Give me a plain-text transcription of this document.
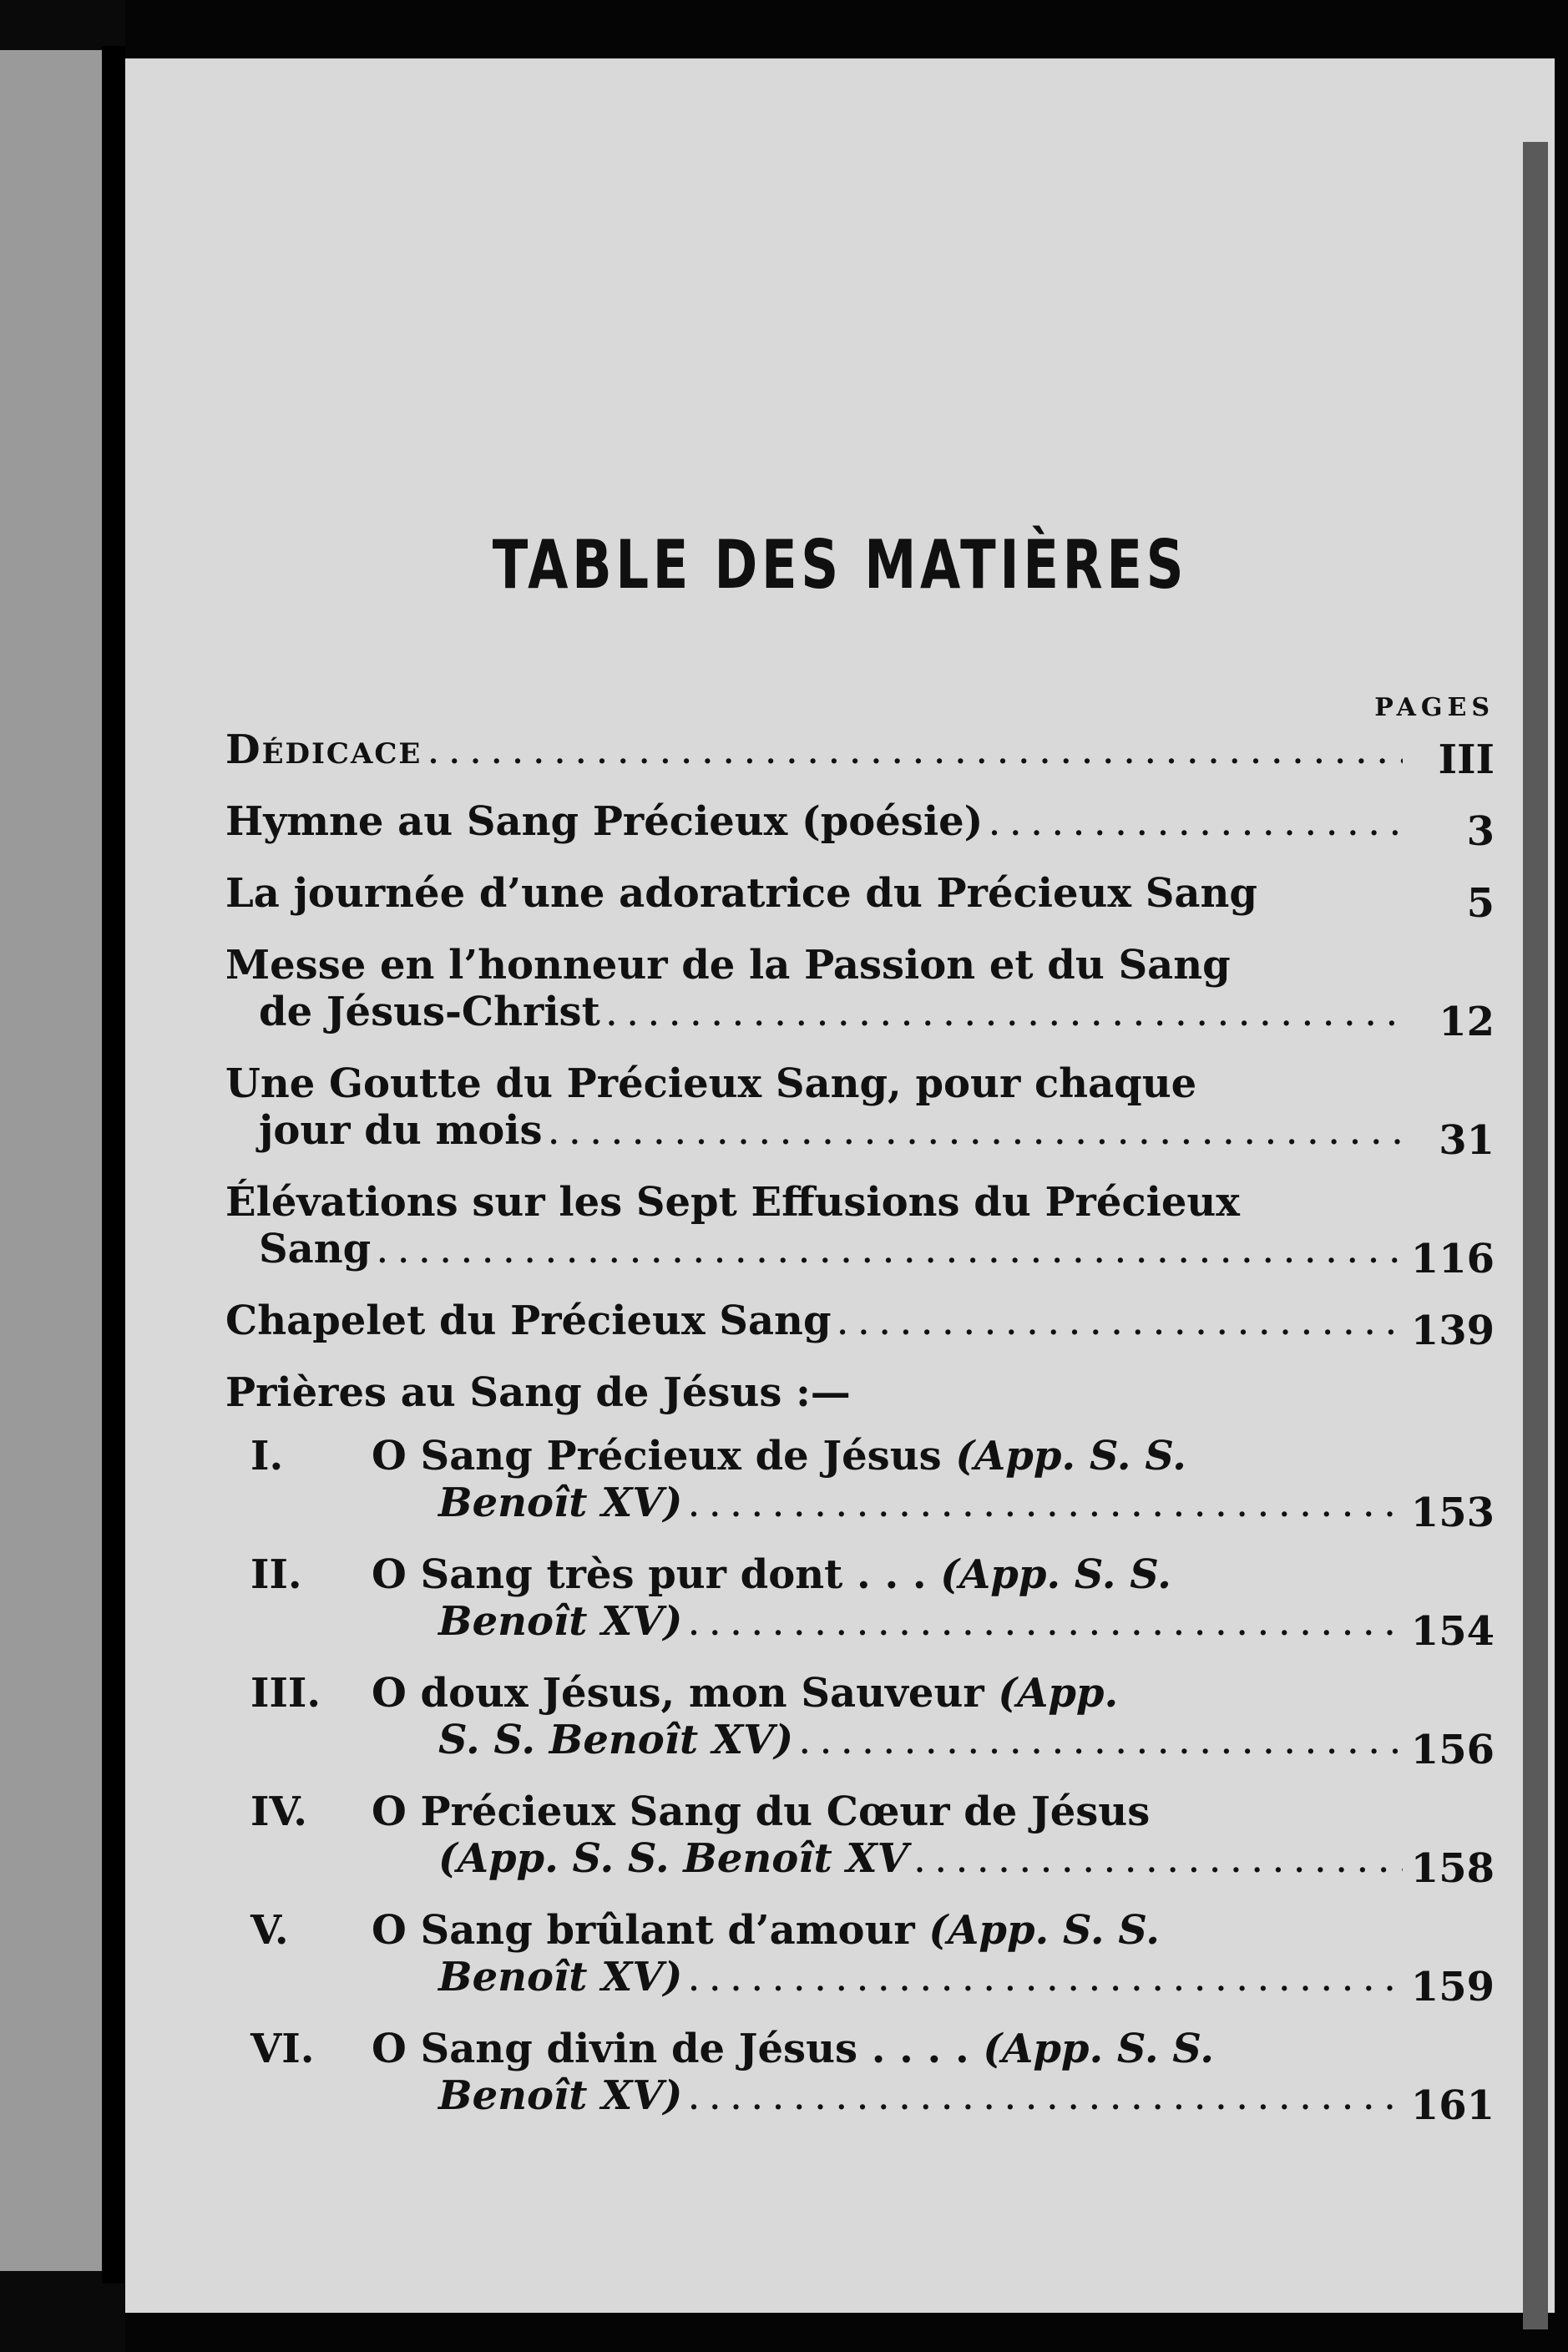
TABLE DES MATIÈRES
PAGES
Dédicace .....	III
Hymne au Sang Précieux (poésie) .....	3
La journée d’une adoratrice du Précieux Sang	5
Messe en l’honneur de la Passion et du Sang
de Jésus-Christ .....	12
Une Goutte du Précieux Sang, pour chaque
jour du mois .....	31
Élévations sur les Sept Effusions du Précieux
Sang .....	116
Chapelet du Précieux Sang .....	139
Prières au Sang de Jésus :—
I.	O Sang Précieux de Jésus
(App. S. S.
Benoît XV) .....	153
II.	O Sang très pur dont . . .
(App. S. S.
Benoît XV) .....	154
III.	O doux Jésus, mon Sauveur
(App.
S. S. Benoît XV) .....	156
IV.	O Précieux Sang du Cœur de Jésus
(App. S. S. Benoît XV .....	158
V.	O Sang brûlant d’amour
(App. S. S.
Benoît XV) .....	159
VI.	O Sang divin de Jésus . . . .
(App. S. S.
Benoît XV) .....	161
